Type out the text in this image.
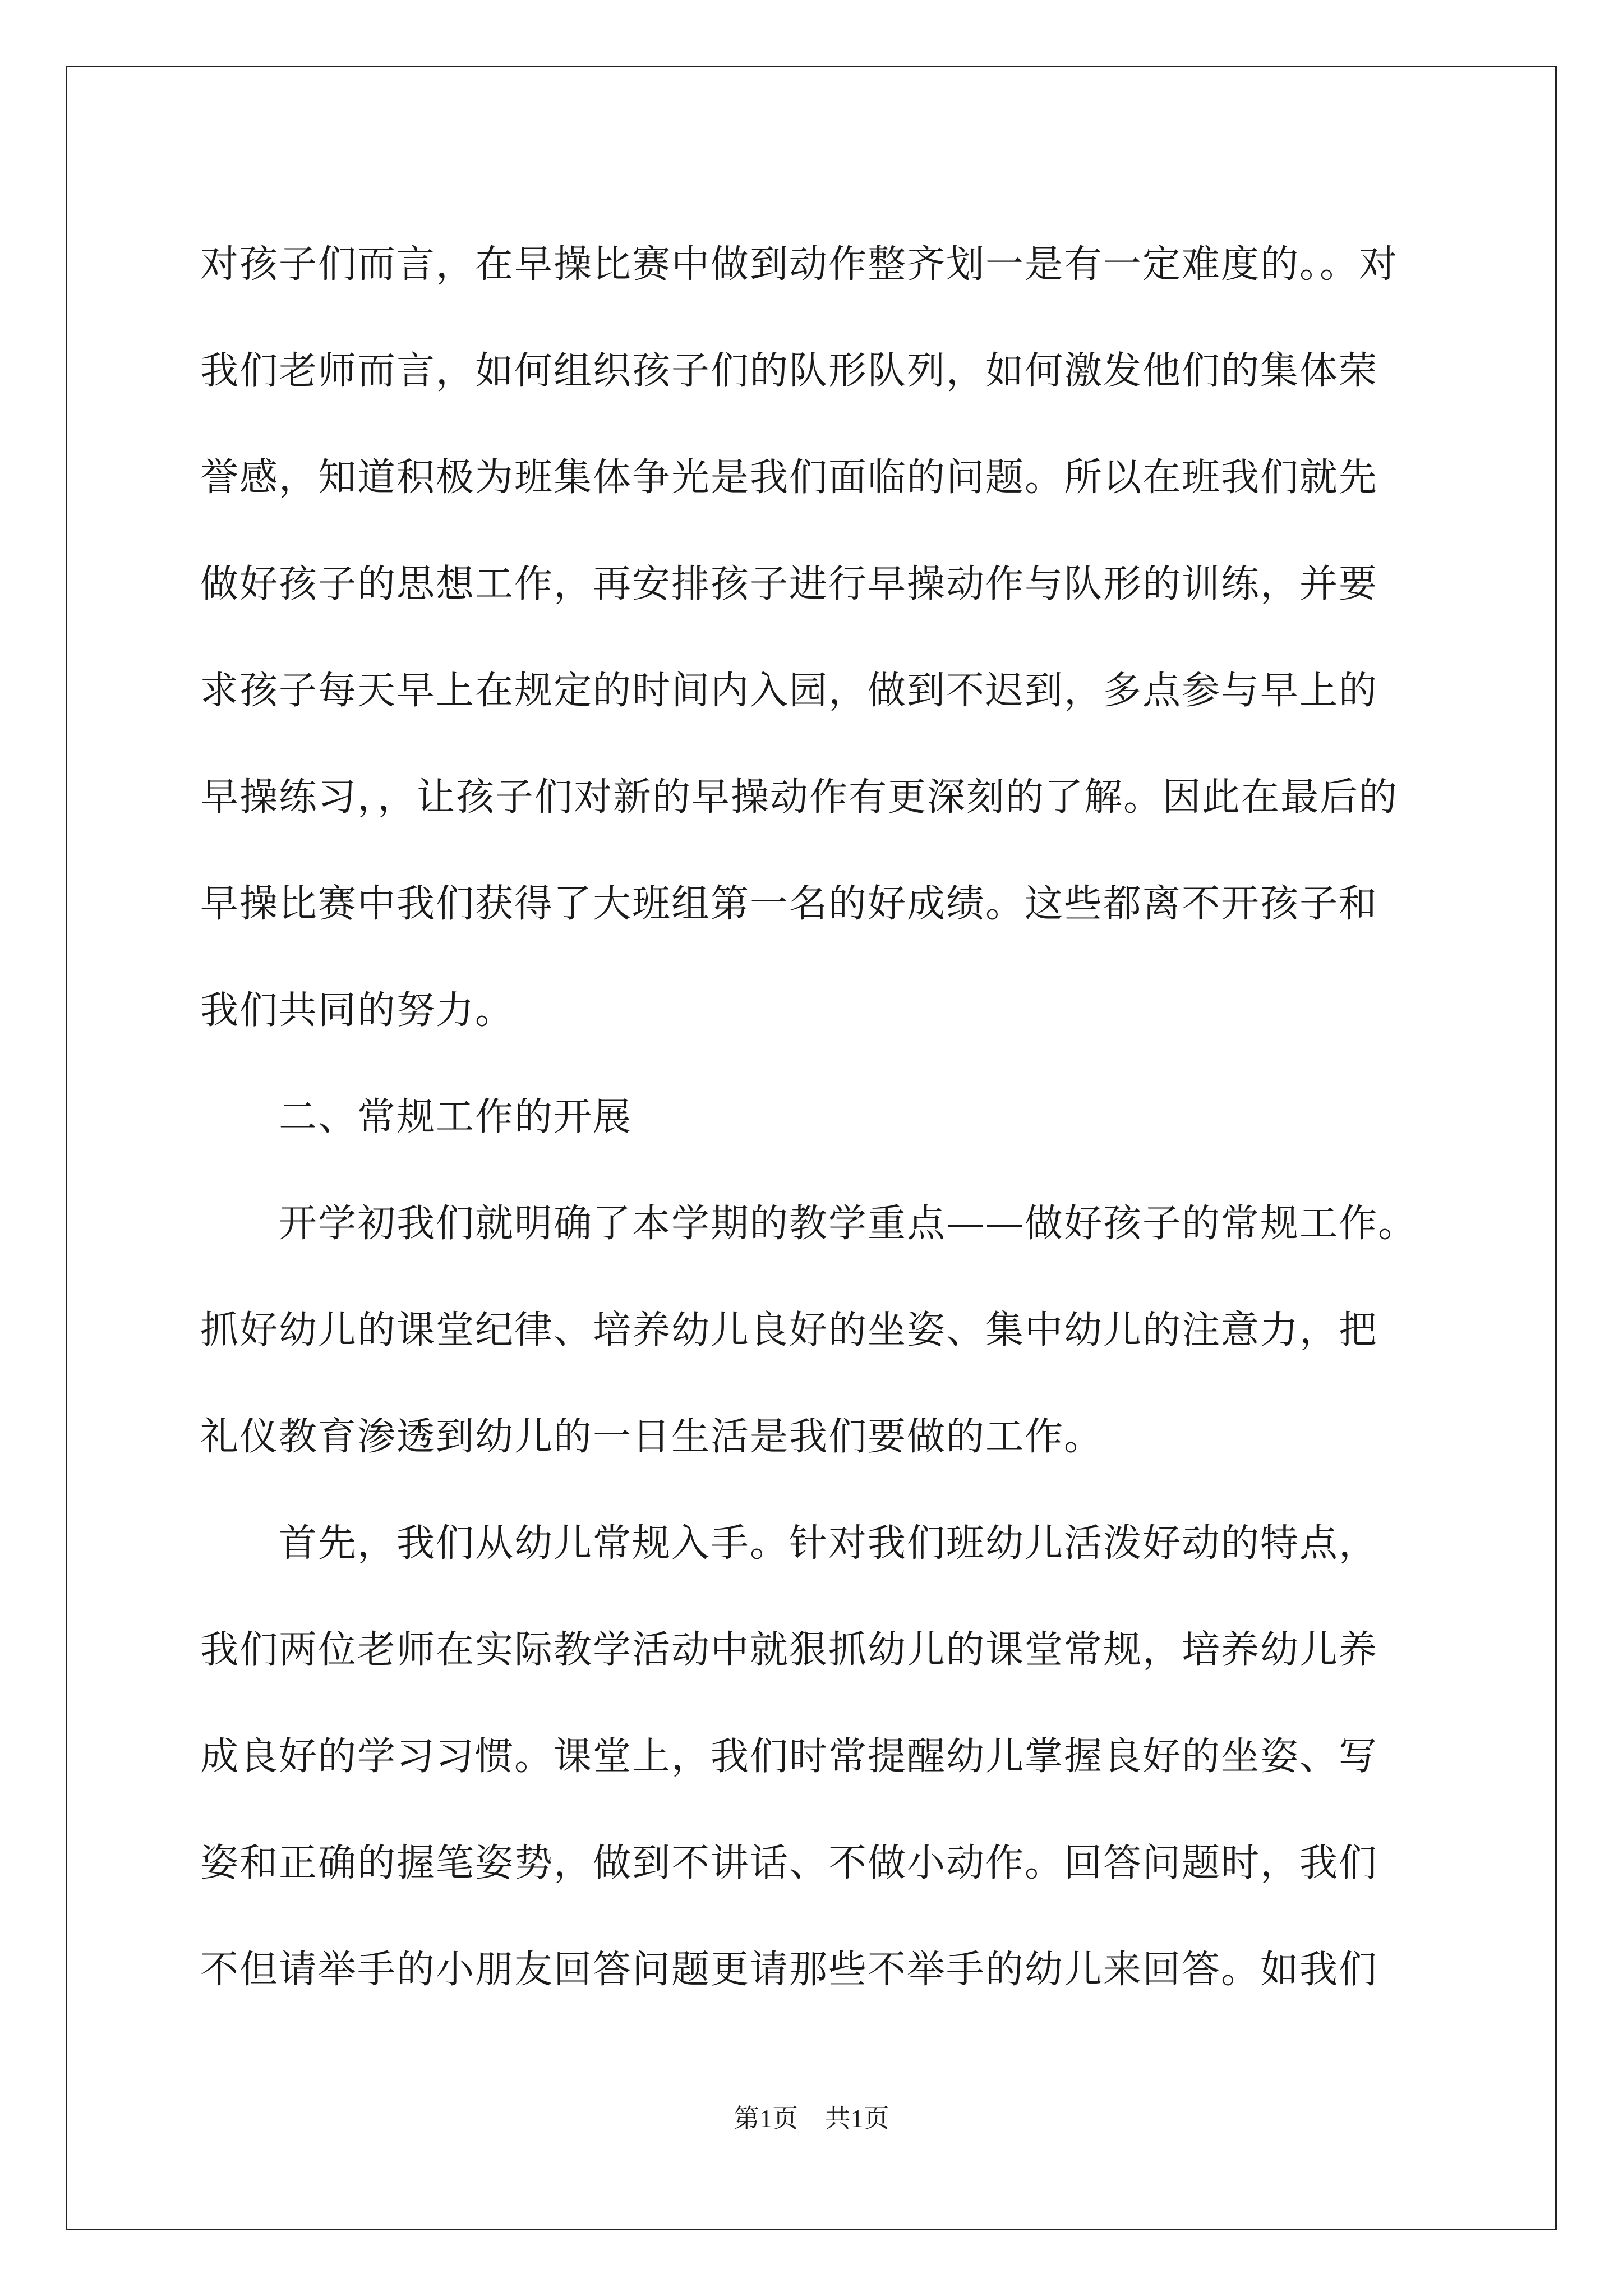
对孩子们而言，在早操比赛中做到动作整齐划一是有一定难度的。。对
我们老师而言，如何组织孩子们的队形队列，如何激发他们的集体荣
誉感，知道积极为班集体争光是我们面临的问题。所以在班我们就先
做好孩子的思想工作，再安排孩子进行早操动作与队形的训练，并要
求孩子每天早上在规定的时间内入园，做到不迟到，多点参与早上的
早操练习，，让孩子们对新的早操动作有更深刻的了解。因此在最后的
早操比赛中我们获得了大班组第一名的好成绩。这些都离不开孩子和
我们共同的努力。
二、常规工作的开展
开学初我们就明确了本学期的教学重点——做好孩子的常规工作。
抓好幼儿的课堂纪律、培养幼儿良好的坐姿、集中幼儿的注意力，把
礼仪教育渗透到幼儿的一日生活是我们要做的工作。
首先，我们从幼儿常规入手。针对我们班幼儿活泼好动的特点，
我们两位老师在实际教学活动中就狠抓幼儿的课堂常规，培养幼儿养
成良好的学习习惯。课堂上，我们时常提醒幼儿掌握良好的坐姿、写
姿和正确的握笔姿势，做到不讲话、不做小动作。回答问题时，我们
不但请举手的小朋友回答问题更请那些不举手的幼儿来回答。如我们
第1页 共1页
